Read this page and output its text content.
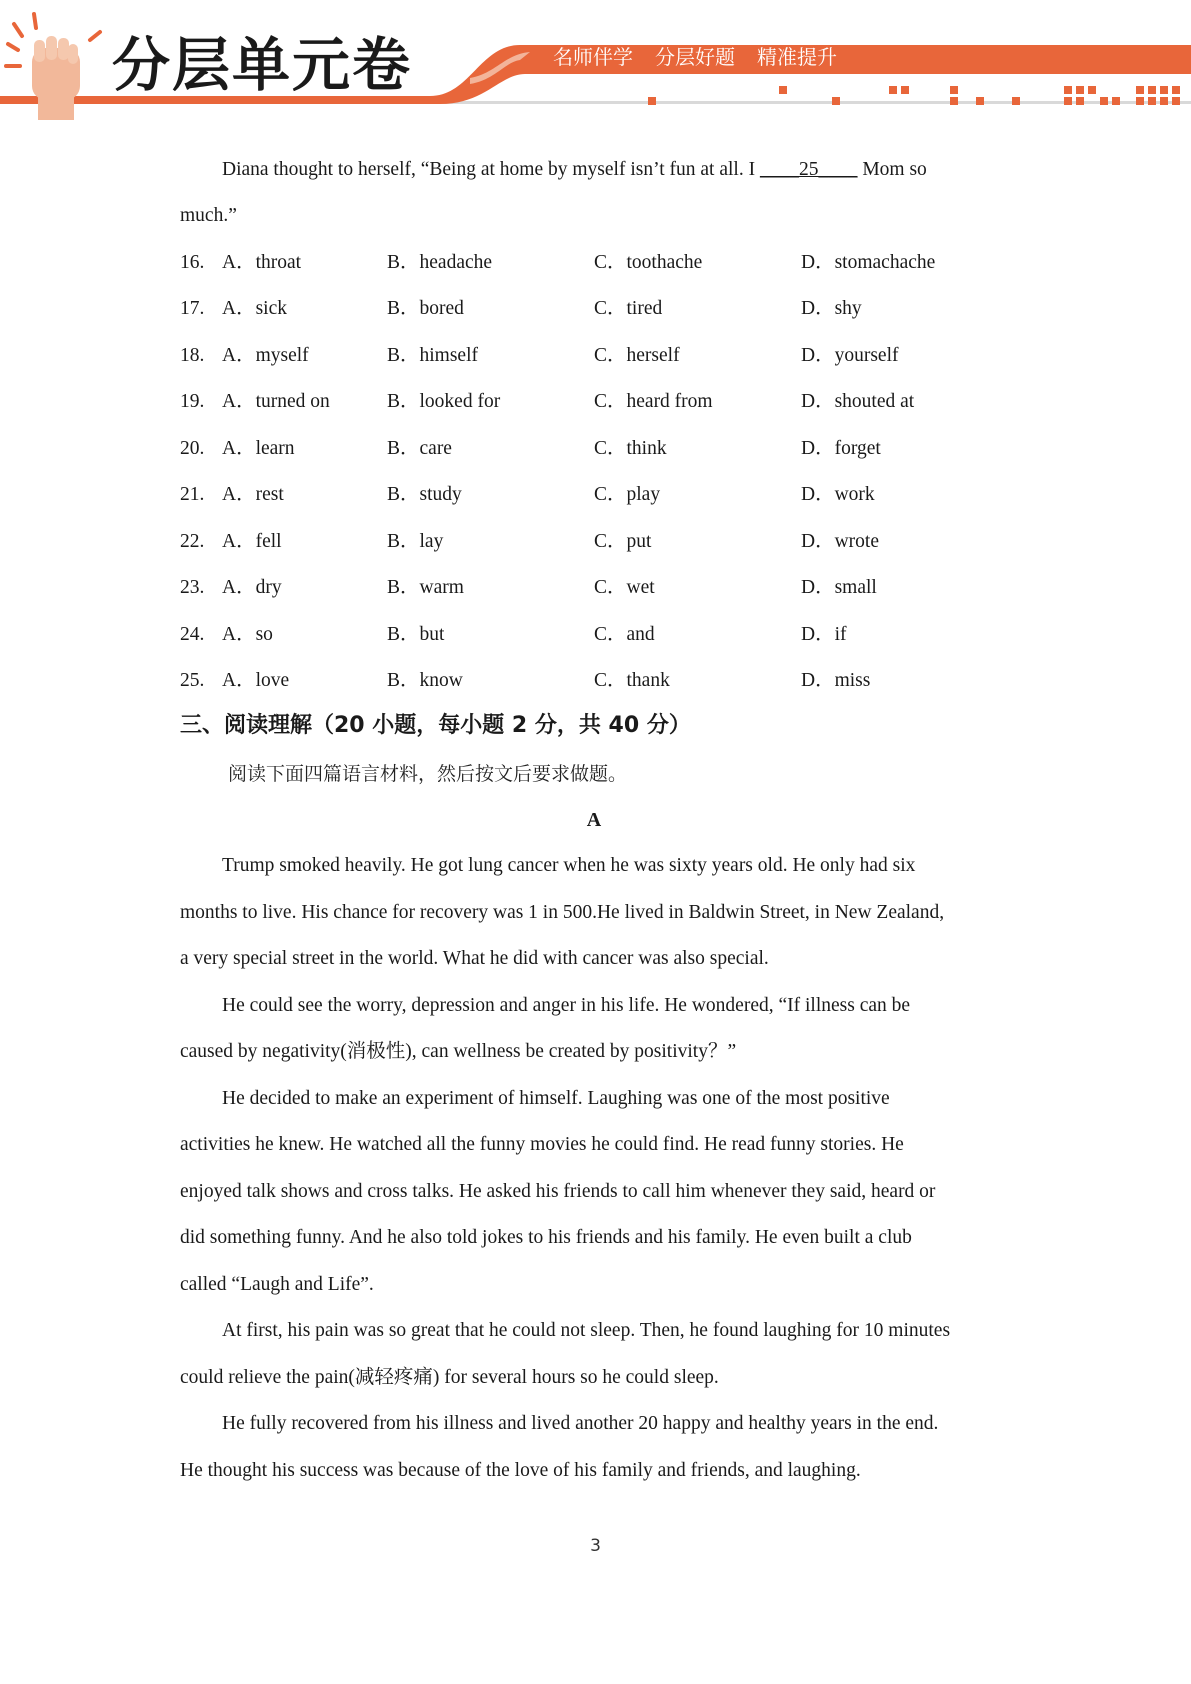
分层单元卷	名师伴学 分层好题 精准提升
Diana thought to herself, “Being at home by myself isn’t fun at all. I ____25____ Mom so
much.”
16. A．throat	B．headache	C．toothache	D．stomachache
17. A．sick	B．bored	C．tired	D．shy
18. A．myself	B．himself	C．herself	D．yourself
19. A．turned on	B．looked for	C．heard from	D．shouted at
20. A．learn	B．care	C．think	D．forget
21. A．rest	B．study	C．play	D．work
22. A．fell	B．lay	C．put	D．wrote
23. A．dry	B．warm	C．wet	D．small
24. A．so	B．but	C．and	D．if
25. A．love	B．know	C．thank	D．miss
三、阅读理解（20 小题，每小题 2 分，共 40 分）
阅读下面四篇语言材料，然后按文后要求做题。
A
Trump smoked heavily. He got lung cancer when he was sixty years old. He only had six
months to live. His chance for recovery was 1 in 500.He lived in Baldwin Street, in New Zealand,
a very special street in the world. What he did with cancer was also special.
He could see the worry, depression and anger in his life. He wondered, “If illness can be
caused by negativity(消极性), can wellness be created by positivity？”
He decided to make an experiment of himself. Laughing was one of the most positive
activities he knew. He watched all the funny movies he could find. He read funny stories. He
enjoyed talk shows and cross talks. He asked his friends to call him whenever they said, heard or
did something funny. And he also told jokes to his friends and his family. He even built a club
called “Laugh and Life”.
At first, his pain was so great that he could not sleep. Then, he found laughing for 10 minutes
could relieve the pain(减轻疼痛) for several hours so he could sleep.
He fully recovered from his illness and lived another 20 happy and healthy years in the end.
He thought his success was because of the love of his family and friends, and laughing.
3
